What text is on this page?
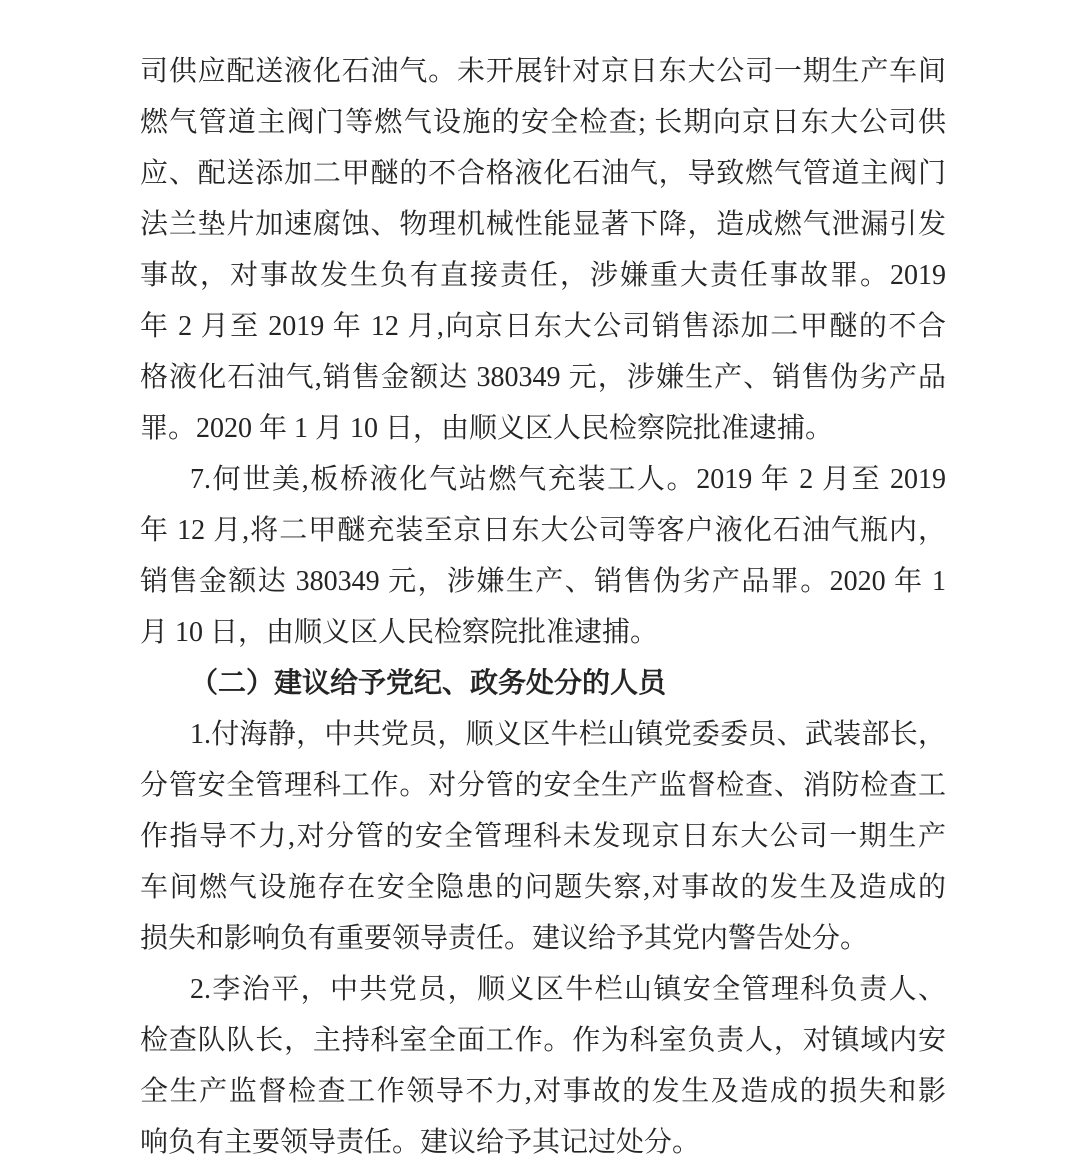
司供应配送液化石油气。未开展针对京日东大公司一期生产车间
燃气管道主阀门等燃气设施的安全检查; 长期向京日东大公司供
应、配送添加二甲醚的不合格液化石油气，导致燃气管道主阀门
法兰垫片加速腐蚀、物理机械性能显著下降，造成燃气泄漏引发
事故，对事故发生负有直接责任，涉嫌重大责任事故罪。2019
年 2 月至 2019 年 12 月,向京日东大公司销售添加二甲醚的不合
格液化石油气,销售金额达 380349 元，涉嫌生产、销售伪劣产品
罪。2020 年 1 月 10 日，由顺义区人民检察院批准逮捕。
7.何世美,板桥液化气站燃气充装工人。2019 年 2 月至 2019
年 12 月,将二甲醚充装至京日东大公司等客户液化石油气瓶内，
销售金额达 380349 元，涉嫌生产、销售伪劣产品罪。2020 年 1
月 10 日，由顺义区人民检察院批准逮捕。
（二）建议给予党纪、政务处分的人员
1.付海静，中共党员，顺义区牛栏山镇党委委员、武装部长，
分管安全管理科工作。对分管的安全生产监督检查、消防检查工
作指导不力,对分管的安全管理科未发现京日东大公司一期生产
车间燃气设施存在安全隐患的问题失察,对事故的发生及造成的
损失和影响负有重要领导责任。建议给予其党内警告处分。
2.李治平，中共党员，顺义区牛栏山镇安全管理科负责人、
检查队队长，主持科室全面工作。作为科室负责人，对镇域内安
全生产监督检查工作领导不力,对事故的发生及造成的损失和影
响负有主要领导责任。建议给予其记过处分。
